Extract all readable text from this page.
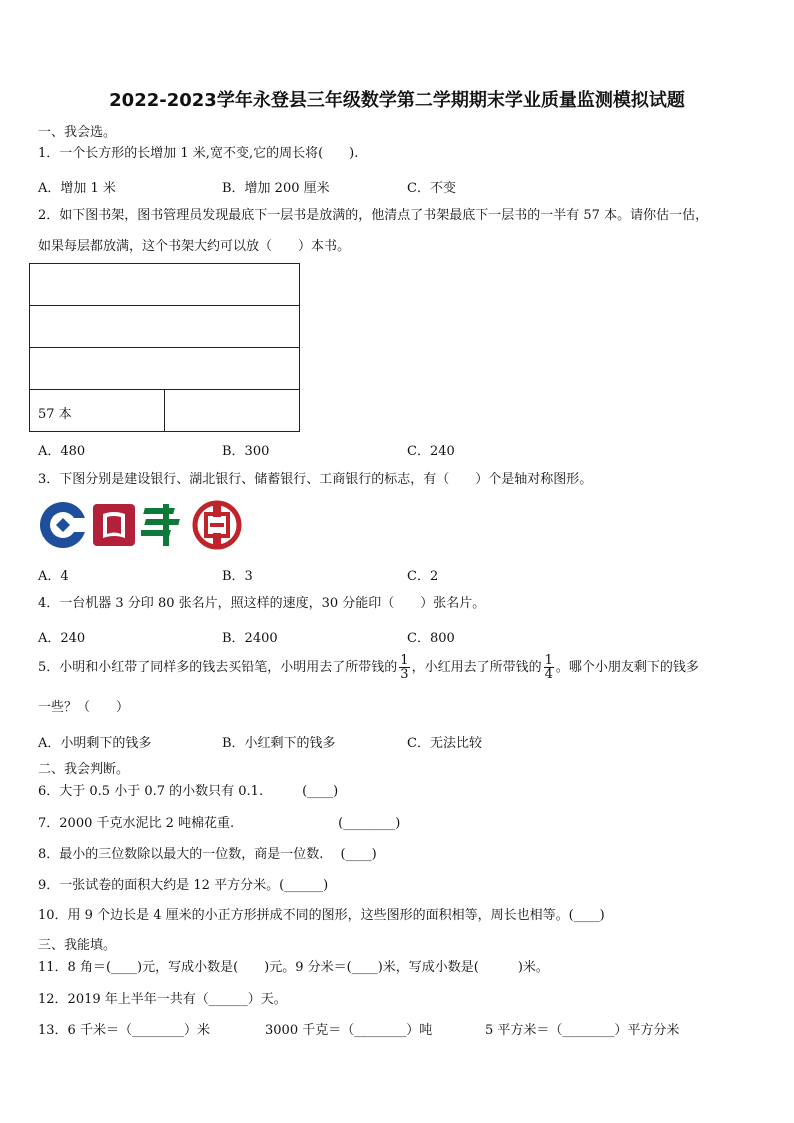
2022-2023学年永登县三年级数学第二学期期末学业质量监测模拟试题
一、我会选。
1．一个长方形的长增加 1 米,宽不变,它的周长将(　　).
A．增加 1 米	B．增加 200 厘米	C．不变
2．如下图书架，图书管理员发现最底下一层书是放满的，他清点了书架最底下一层书的一半有 57 本。请你估一估，
如果每层都放满，这个书架大约可以放（　　）本书。
57 本
A．480	B．300	C．240
3．下图分别是建设银行、湖北银行、储蓄银行、工商银行的标志，有（　　）个是轴对称图形。
A．4	B．3	C．2
4．一台机器 3 分印 80 张名片，照这样的速度，30 分能印（　　）张名片。
A．240	B．2400	C．800
5．小明和小红带了同样多的钱去买铅笔，小明用去了所带钱的 $\frac{1}{3}$ ，小红用去了所带钱的 $\frac{1}{4}$ 。哪个小朋友剩下的钱多
一些？（　　）
A．小明剩下的钱多	B．小红剩下的钱多	C．无法比较
二、我会判断。
6．大于 0.5 小于 0.7 的小数只有 0.1.　　　(____)
7．2000 千克水泥比 2 吨棉花重.　　　　　　　　(________)
8．最小的三位数除以最大的一位数，商是一位数.　 (____)
9．一张试卷的面积大约是 12 平方分米。(______)
10．用 9 个边长是 4 厘米的小正方形拼成不同的图形，这些图形的面积相等，周长也相等。(____)
三、我能填。
11．8 角＝(____)元，写成小数是(　　)元。9 分米＝(____)米，写成小数是(　　　)米。
12．2019 年上半年一共有（______）天。
13．6 千米＝（________）米	3000 千克＝（________）吨	5 平方米＝（________）平方分米
